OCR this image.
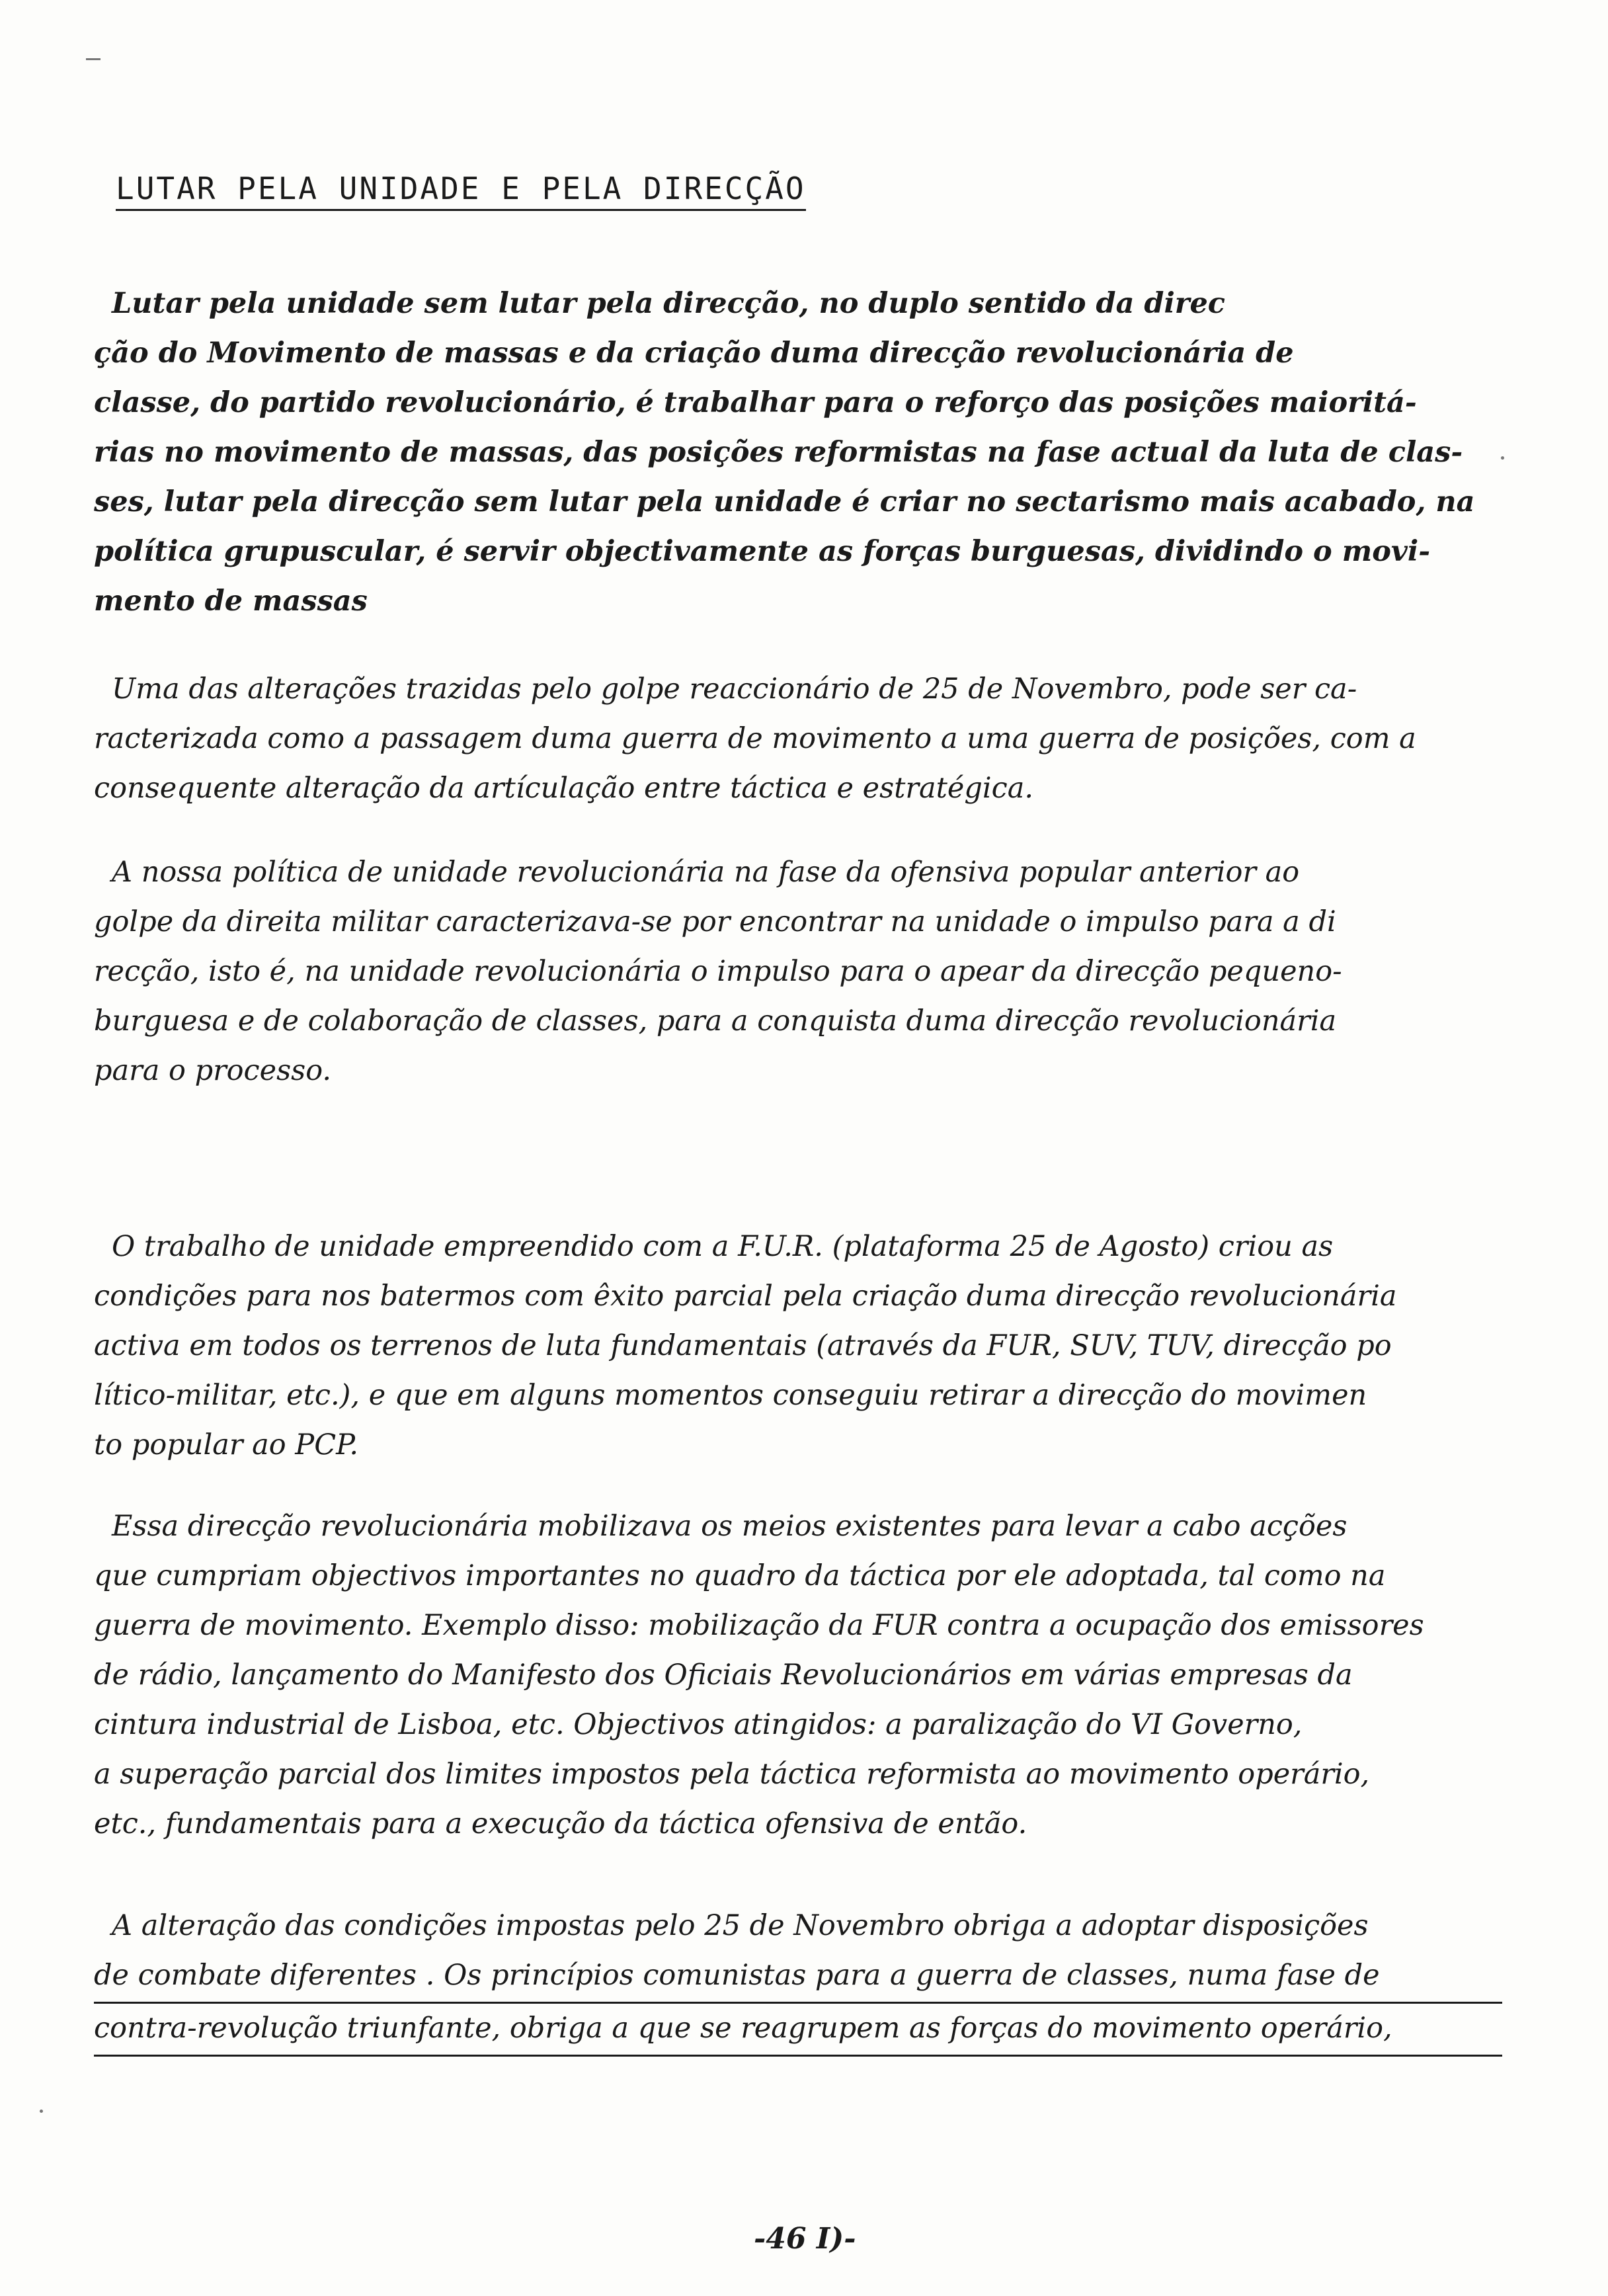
LUTAR PELA UNIDADE E PELA DIRECÇÃO

Lutar pela unidade sem lutar pela direcção, no duplo sentido da direc
ção do Movimento de massas e da criação duma direcção revolucionária de
classe, do partido revolucionário, é trabalhar para o reforço das posições maioritá-
rias no movimento de massas, das posições reformistas na fase actual da luta de clas-
ses, lutar pela direcção sem lutar pela unidade é criar no sectarismo mais acabado, na
política grupuscular, é servir objectivamente as forças burguesas, dividindo o movi-
mento de massas

Uma das alterações trazidas pelo golpe reaccionário de 25 de Novembro, pode ser ca-
racterizada como a passagem duma guerra de movimento a uma guerra de posições, com a
consequente alteração da artículação entre táctica e estratégica.

A nossa política de unidade revolucionária na fase da ofensiva popular anterior ao
golpe da direita militar caracterizava-se por encontrar na unidade o impulso para a di
recção, isto é, na unidade revolucionária o impulso para o apear da direcção pequeno-
burguesa e de colaboração de classes, para a conquista duma direcção revolucionária
para o processo.

O trabalho de unidade empreendido com a F.U.R. (plataforma 25 de Agosto) criou as
condições para nos batermos com êxito parcial pela criação duma direcção revolucionária
activa em todos os terrenos de luta fundamentais (através da FUR, SUV, TUV, direcção po
lítico-militar, etc.), e que em alguns momentos conseguiu retirar a direcção do movimen
to popular ao PCP.

Essa direcção revolucionária mobilizava os meios existentes para levar a cabo acções
que cumpriam objectivos importantes no quadro da táctica por ele adoptada, tal como na
guerra de movimento. Exemplo disso: mobilização da FUR contra a ocupação dos emissores
de rádio, lançamento do Manifesto dos Oficiais Revolucionários em várias empresas da
cintura industrial de Lisboa, etc. Objectivos atingidos: a paralização do VI Governo,
a superação parcial dos limites impostos pela táctica reformista ao movimento operário,
etc., fundamentais para a execução da táctica ofensiva de então.

A alteração das condições impostas pelo 25 de Novembro obriga a adoptar disposições
de combate diferentes . Os princípios comunistas para a guerra de classes, numa fase de
contra-revolução triunfante, obriga a que se reagrupem as forças do movimento operário,

-46 I)-
